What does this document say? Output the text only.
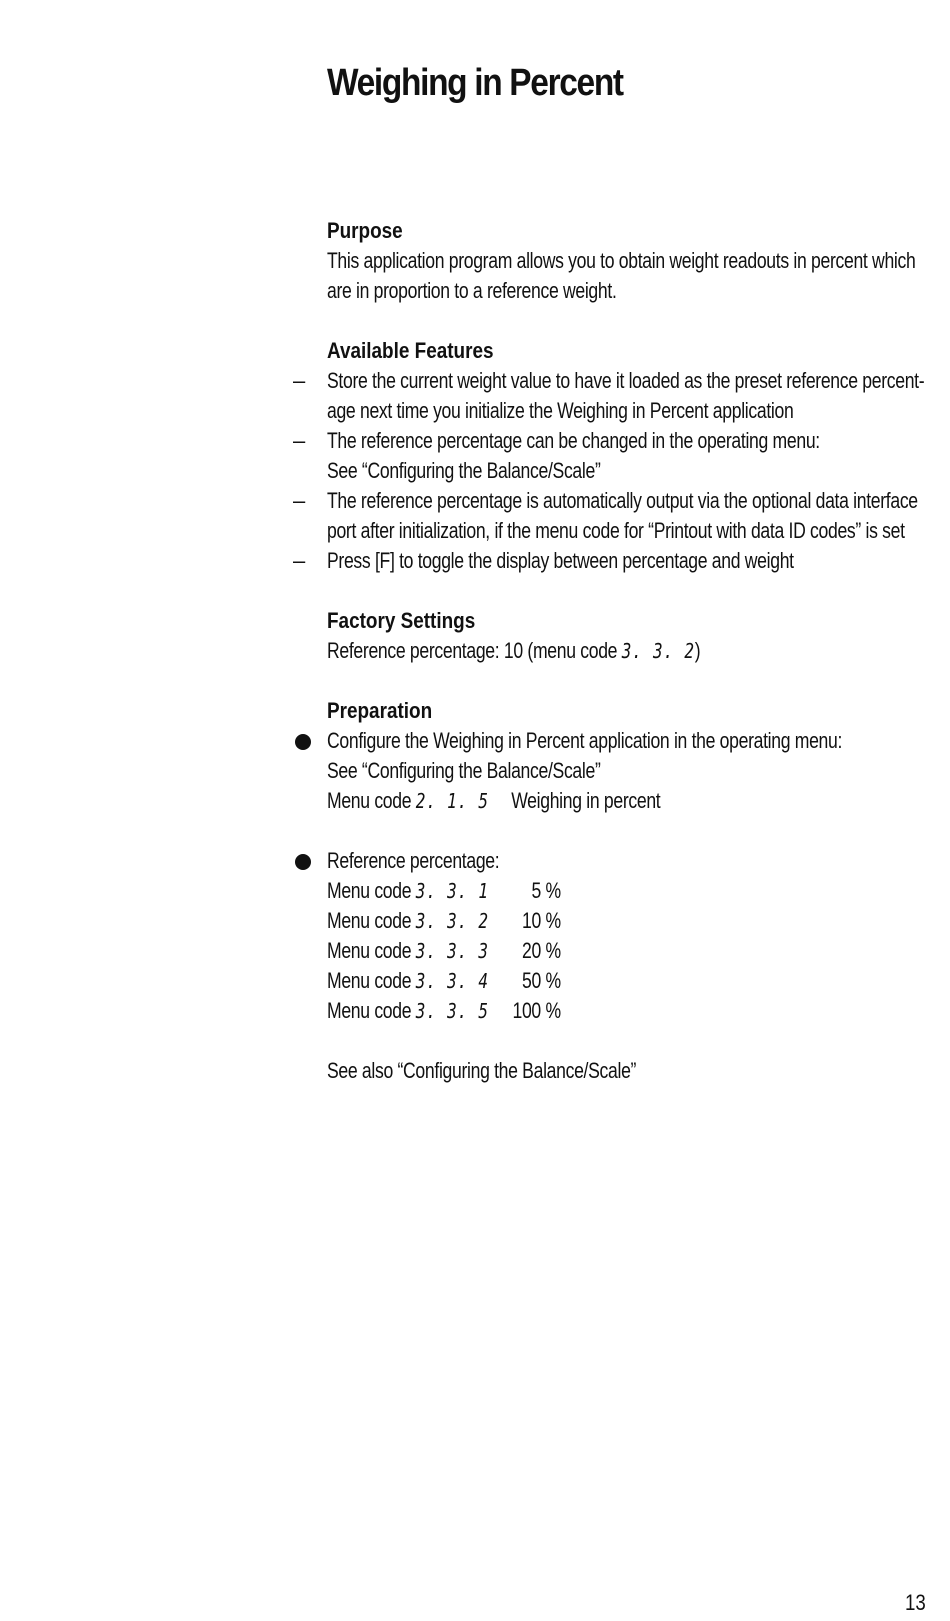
Weighing in Percent
Purpose
This application program allows you to obtain weight readouts in percent which
are in proportion to a reference weight.
Available Features
– Store the current weight value to have it loaded as the preset reference percent-
age next time you initialize the Weighing in Percent application
– The reference percentage can be changed in the operating menu:
See “Configuring the Balance/Scale”
– The reference percentage is automatically output via the optional data interface
port after initialization, if the menu code for “Printout with data ID codes” is set
– Press [F] to toggle the display between percentage and weight
Factory Settings
Reference percentage: 10 (menu code 3. 3. 2)
Preparation
Configure the Weighing in Percent application in the operating menu:
See “Configuring the Balance/Scale”
Menu code 2. 1. 5 Weighing in percent
Reference percentage:
Menu code 3. 3. 1 5 %
Menu code 3. 3. 2 10 %
Menu code 3. 3. 3 20 %
Menu code 3. 3. 4 50 %
Menu code 3. 3. 5 100 %
See also “Configuring the Balance/Scale”
13
